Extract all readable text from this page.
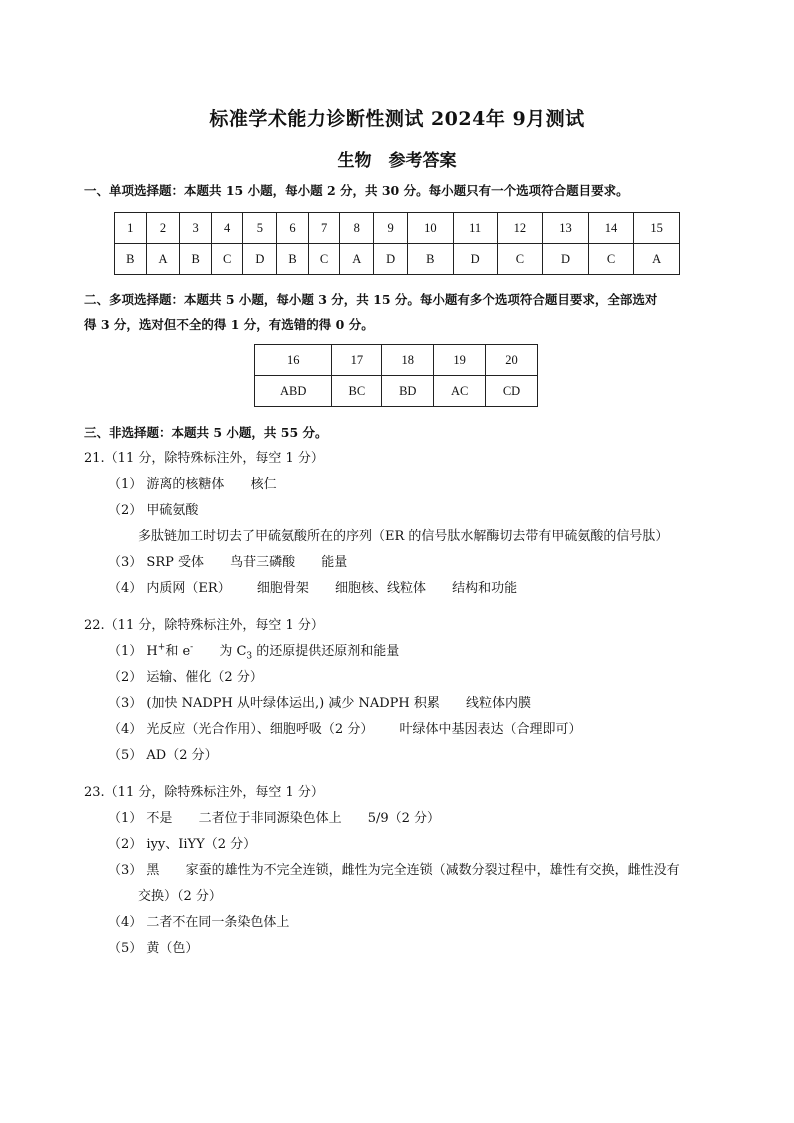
标准学术能力诊断性测试 2024年 9月测试
生物　参考答案
一、单项选择题：本题共 15 小题，每小题 2 分，共 30 分。每小题只有一个选项符合题目要求。
1	2	3	4	5	6	7	8	9	10	11	12	13	14	15
B	A	B	C	D	B	C	A	D	B	D	C	D	C	A
二、多项选择题：本题共 5 小题，每小题 3 分，共 15 分。每小题有多个选项符合题目要求，全部选对
得 3 分，选对但不全的得 1 分，有选错的得 0 分。
16	17	18	19	20
ABD	BC	BD	AC	CD
三、非选择题：本题共 5 小题，共 55 分。
21.（11 分，除特殊标注外，每空 1 分）
（1） 游离的核糖体 核仁
（2） 甲硫氨酸
多肽链加工时切去了甲硫氨酸所在的序列（ER 的信号肽水解酶切去带有甲硫氨酸的信号肽）
（3） SRP 受体 鸟苷三磷酸 能量
（4） 内质网（ER） 细胞骨架 细胞核、线粒体 结构和功能
22.（11 分，除特殊标注外，每空 1 分）
（1） H+和 e- 为 $C_3$ 的还原提供还原剂和能量
（2） 运输、催化（2 分）
（3） (加快 NADPH 从叶绿体运出,) 减少 NADPH 积累 线粒体内膜
（4） 光反应（光合作用）、细胞呼吸（2 分） 叶绿体中基因表达（合理即可）
（5） AD（2 分）
23.（11 分，除特殊标注外，每空 1 分）
（1） 不是 二者位于非同源染色体上 5/9（2 分）
（2） iyy、IiYY（2 分）
（3） 黑 家蚕的雄性为不完全连锁，雌性为完全连锁（减数分裂过程中，雄性有交换，雌性没有
交换）（2 分）
（4） 二者不在同一条染色体上
（5） 黄（色）
